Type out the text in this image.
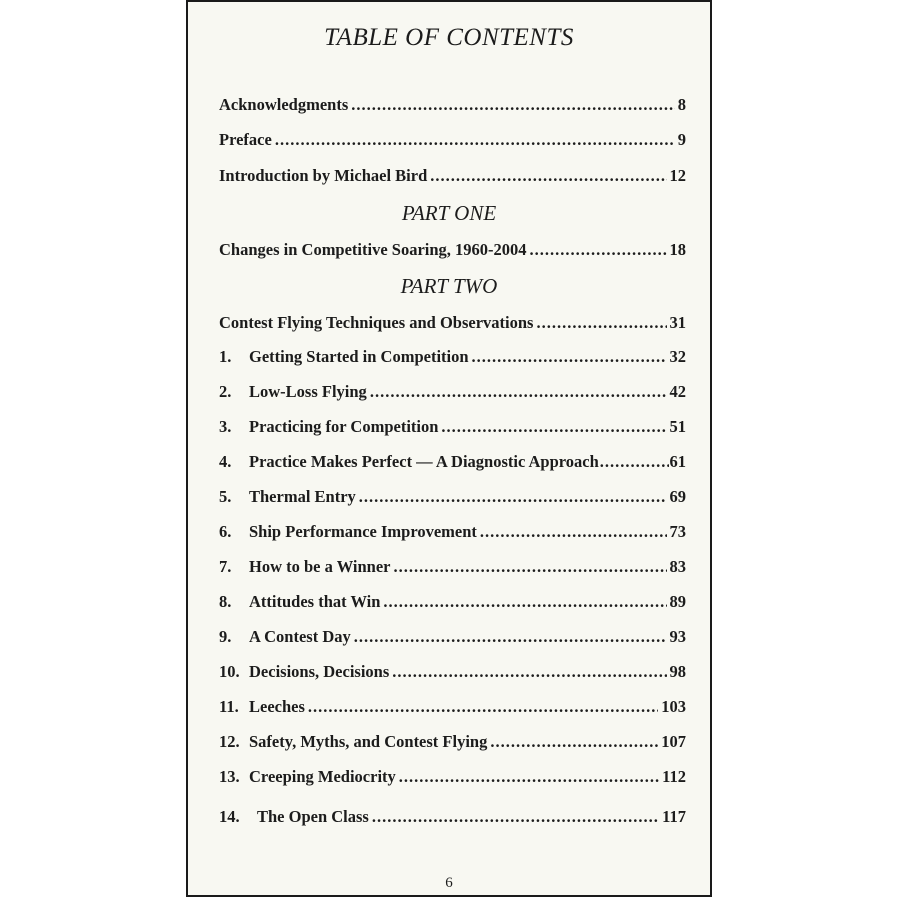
TABLE OF CONTENTS
Acknowledgments .....	8
Preface .....	9
Introduction by Michael Bird .....	12
PART ONE
Changes in Competitive Soaring, 1960-2004 .....	18
PART TWO
Contest Flying Techniques and Observations .....	31
1.	Getting Started in Competition .....	32
2.	Low-Loss Flying .....	42
3.	Practicing for Competition .....	51
4.	Practice Makes Perfect — A Diagnostic Approach .....	61
5.	Thermal Entry .....	69
6.	Ship Performance Improvement .....	73
7.	How to be a Winner .....	83
8.	Attitudes that Win .....	89
9.	A Contest Day .....	93
10. Decisions, Decisions .....	98
11. Leeches .....	103
12. Safety, Myths, and Contest Flying .....	107
13. Creeping Mediocrity .....	112
14.	The Open Class .....	117
6
